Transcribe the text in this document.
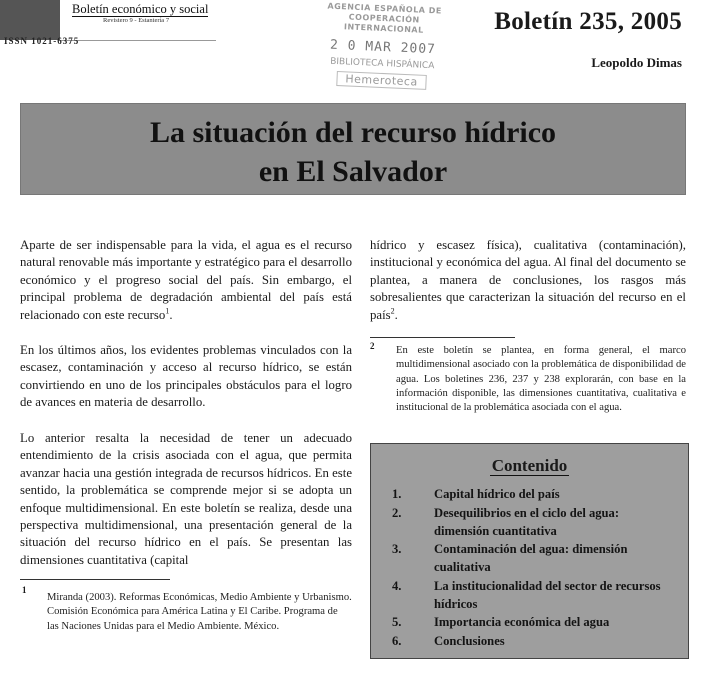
Boletín económico y social
Revistero 9 - Estantería 7
ISSN 1021-6375
AGENCIA ESPAÑOLA DE
COOPERACIÓN INTERNACIONAL
2 0 MAR 2007
BIBLIOTECA HISPÁNICA
Hemeroteca
Boletín 235, 2005
Leopoldo Dimas
La situación del recurso hídrico
en El Salvador
Aparte de ser indispensable para la vida, el agua es el recurso natural renovable más importante y estratégico para el desarrollo económico y el progreso social del país. Sin embargo, el principal problema de degradación ambiental del país está relacionado con este recurso$^1$.
En los últimos años, los evidentes problemas vinculados con la escasez, contaminación y acceso al recurso hídrico, se están convirtiendo en uno de los principales obstáculos para el logro de avances en materia de desarrollo.
Lo anterior resalta la necesidad de tener un adecuado entendimiento de la crisis asociada con el agua, que permita avanzar hacia una gestión integrada de recursos hídricos. En este sentido, la problemática se comprende mejor si se adopta un enfoque multidimensional. En este boletín se realiza, desde una perspectiva multidimensional, una presentación general de la situación del recurso hídrico en el país. Se presentan las dimensiones cuantitativa (capital
1
Miranda (2003). Reformas Económicas, Medio Ambiente y Urbanismo. Comisión Económica para América Latina y El Caribe. Programa de las Naciones Unidas para el Medio Ambiente. México.
hídrico y escasez física), cualitativa (contaminación), institucional y económica del agua. Al final del documento se plantea, a manera de conclusiones, los rasgos más sobresalientes que caracterizan la situación del recurso en el país$^2$.
2 En este boletín se plantea, en forma general, el marco multidimensional asociado con la problemática de disponibilidad de agua. Los boletines 236, 237 y 238 explorarán, con base en la información disponible, las dimensiones cuantitativa, cualitativa e institucional de la problemática asociada con el agua.
Contenido
1.	Capital hídrico del país
2.	Desequilibrios en el ciclo del agua: dimensión cuantitativa
3.	Contaminación del agua: dimensión cualitativa
4.	La institucionalidad del sector de recursos hídricos
5.	Importancia económica del agua
6.	Conclusiones
